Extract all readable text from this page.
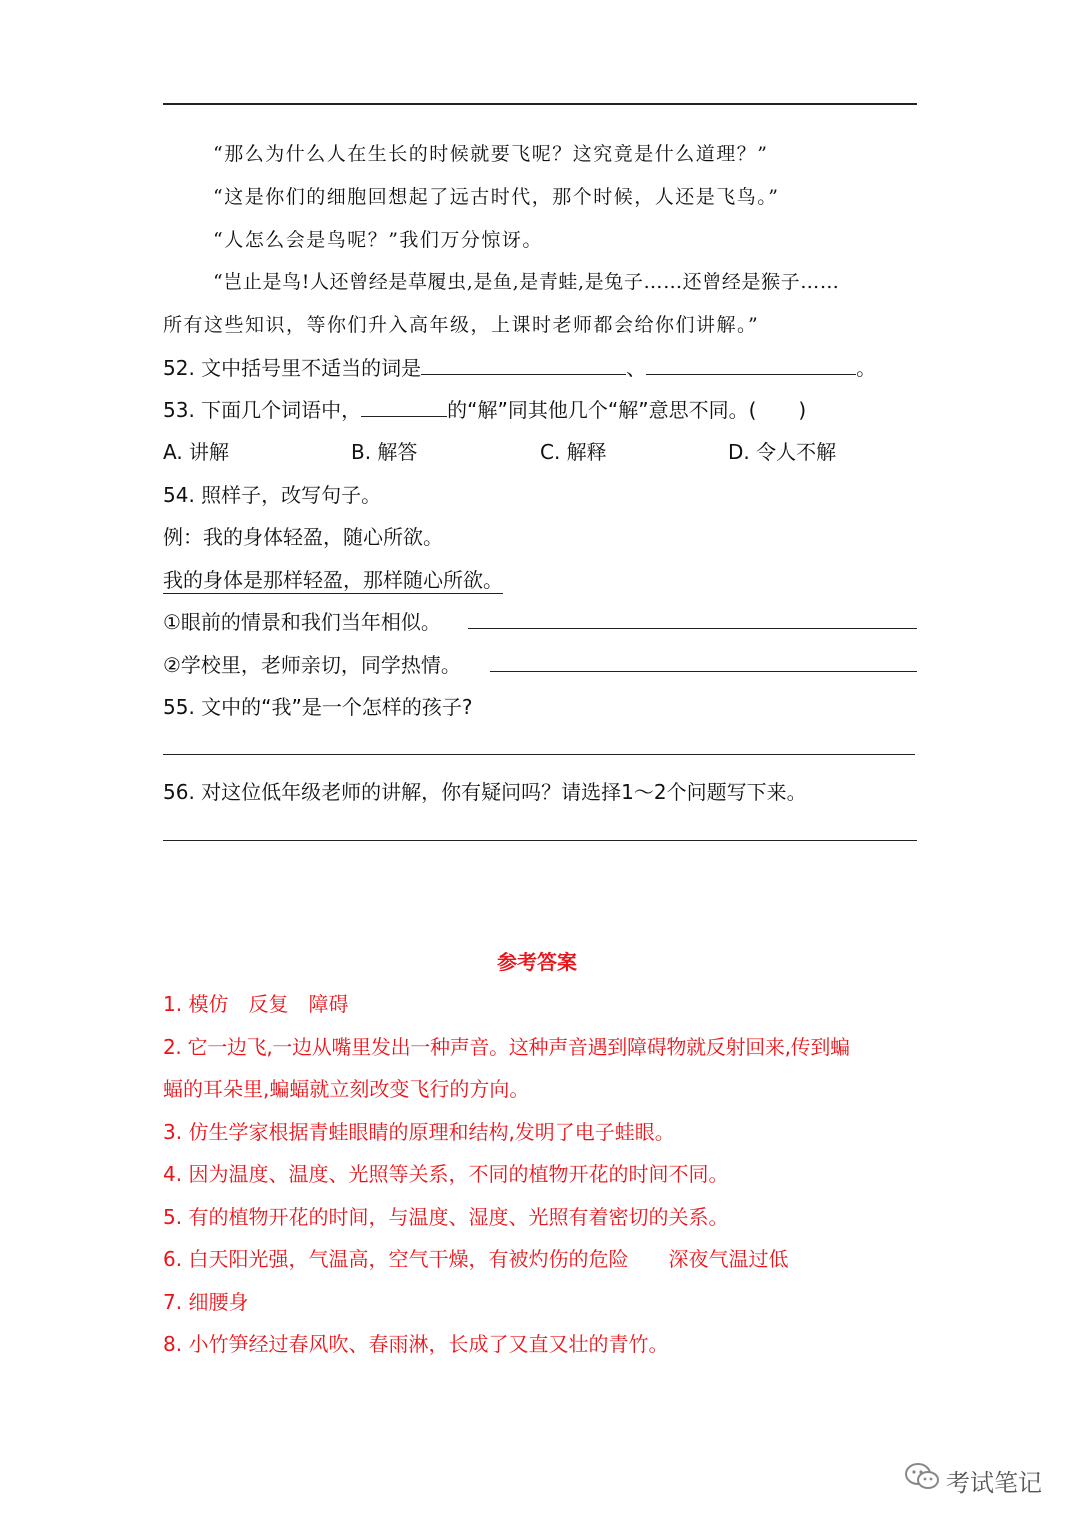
“那么为什么人在生长的时候就要飞呢？这究竟是什么道理？”
“这是你们的细胞回想起了远古时代，那个时候，人还是飞鸟。”
“人怎么会是鸟呢？”我们万分惊讶。
“岂止是鸟!人还曾经是草履虫,是鱼,是青蛙,是兔子……还曾经是猴子……
所有这些知识，等你们升入高年级，上课时老师都会给你们讲解。”
52. 文中括号里不适当的词是	、	。
53. 下面几个词语中，	的“解”同其他几个“解”意思不同。( )
A. 讲解	B. 解答	C. 解释	D. 令人不解
54. 照样子，改写句子。
例：我的身体轻盈，随心所欲。
我的身体是那样轻盈，那样随心所欲。
①眼前的情景和我们当年相似。
②学校里，老师亲切，同学热情。
55. 文中的“我”是一个怎样的孩子?
56. 对这位低年级老师的讲解，你有疑问吗？请选择1～2个问题写下来。
参考答案
1. 模仿　反复　障碍
2. 它一边飞,一边从嘴里发出一种声音。这种声音遇到障碍物就反射回来,传到蝙
蝠的耳朵里,蝙蝠就立刻改变飞行的方向。
3. 仿生学家根据青蛙眼睛的原理和结构,发明了电子蛙眼。
4. 因为温度、温度、光照等关系，不同的植物开花的时间不同。
5. 有的植物开花的时间，与温度、湿度、光照有着密切的关系。
6. 白天阳光强，气温高，空气干燥，有被灼伤的危险　　深夜气温过低
7. 细腰身
8. 小竹笋经过春风吹、春雨淋，长成了又直又壮的青竹。
考试笔记
